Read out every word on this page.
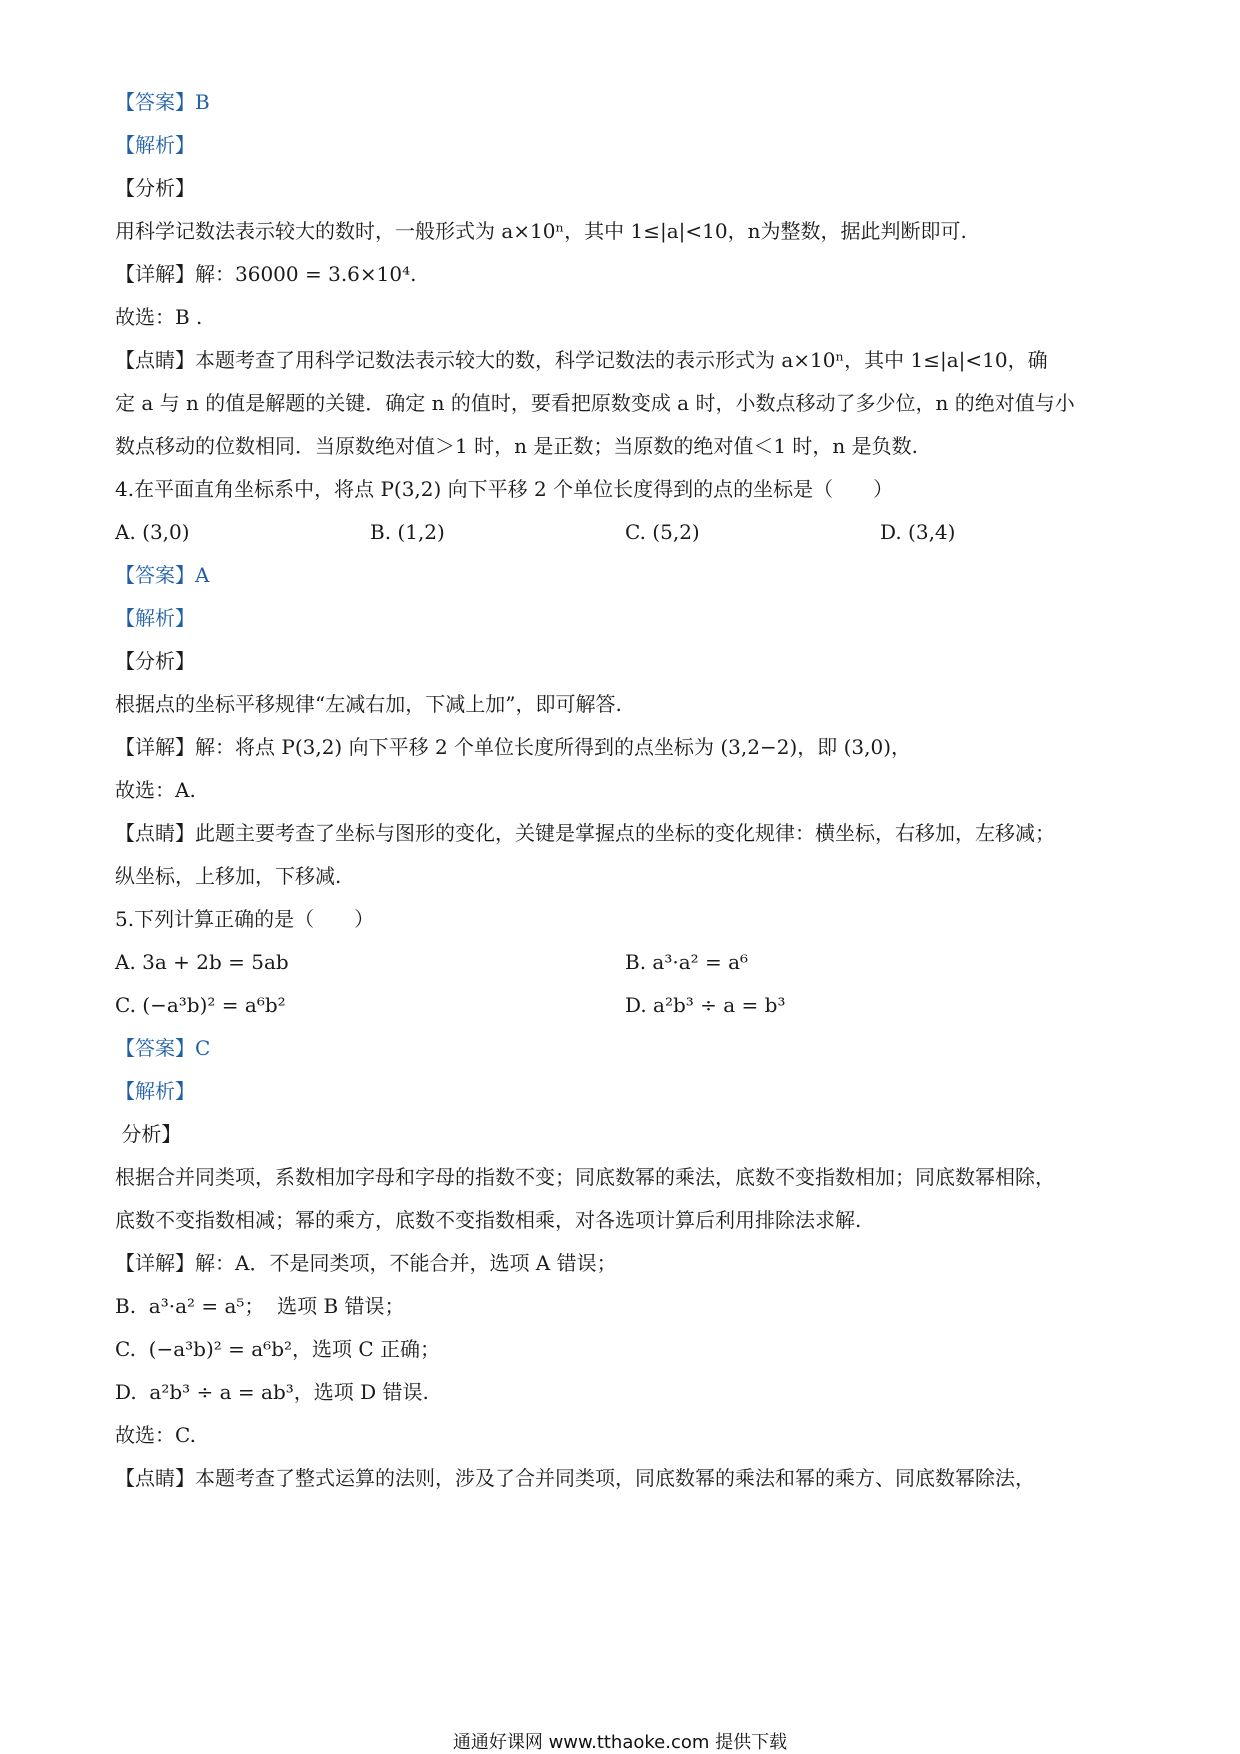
【答案】B
【解析】
【分析】
用科学记数法表示较大的数时，一般形式为 a×10ⁿ，其中 1≤|a|<10，n为整数，据此判断即可.
【详解】解：36000 = 3.6×10⁴.
故选：B .
【点睛】本题考查了用科学记数法表示较大的数，科学记数法的表示形式为 a×10ⁿ，其中 1≤|a|<10，确
定 a 与 n 的值是解题的关键．确定 n 的值时，要看把原数变成 a 时，小数点移动了多少位，n 的绝对值与小
数点移动的位数相同．当原数绝对值＞1 时，n 是正数；当原数的绝对值＜1 时，n 是负数.
4.在平面直角坐标系中，将点 P(3,2) 向下平移 2 个单位长度得到的点的坐标是（　　）
A. (3,0)	B. (1,2)	C. (5,2)	D. (3,4)
【答案】A
【解析】
【分析】
根据点的坐标平移规律“左减右加，下减上加”，即可解答.
【详解】解：将点 P(3,2) 向下平移 2 个单位长度所得到的点坐标为 (3,2−2)，即 (3,0)，
故选：A.
【点睛】此题主要考查了坐标与图形的变化，关键是掌握点的坐标的变化规律：横坐标，右移加，左移减；
纵坐标，上移加，下移减.
5.下列计算正确的是（　　）
A. 3a + 2b = 5ab	B. a³·a² = a⁶
C. (−a³b)² = a⁶b²	D. a²b³ ÷ a = b³
【答案】C
【解析】
分析】
根据合并同类项，系数相加字母和字母的指数不变；同底数幂的乘法，底数不变指数相加；同底数幂相除，
底数不变指数相减；幂的乘方，底数不变指数相乘，对各选项计算后利用排除法求解.
【详解】解：A．不是同类项，不能合并，选项 A 错误；
B.  a³·a² = a⁵；  选项 B 错误；
C.  (−a³b)² = a⁶b²，选项 C 正确；
D.  a²b³ ÷ a = ab³，选项 D 错误.
故选：C.
【点睛】本题考查了整式运算的法则，涉及了合并同类项，同底数幂的乘法和幂的乘方、同底数幂除法，
通通好课网 www.tthaoke.com 提供下载
